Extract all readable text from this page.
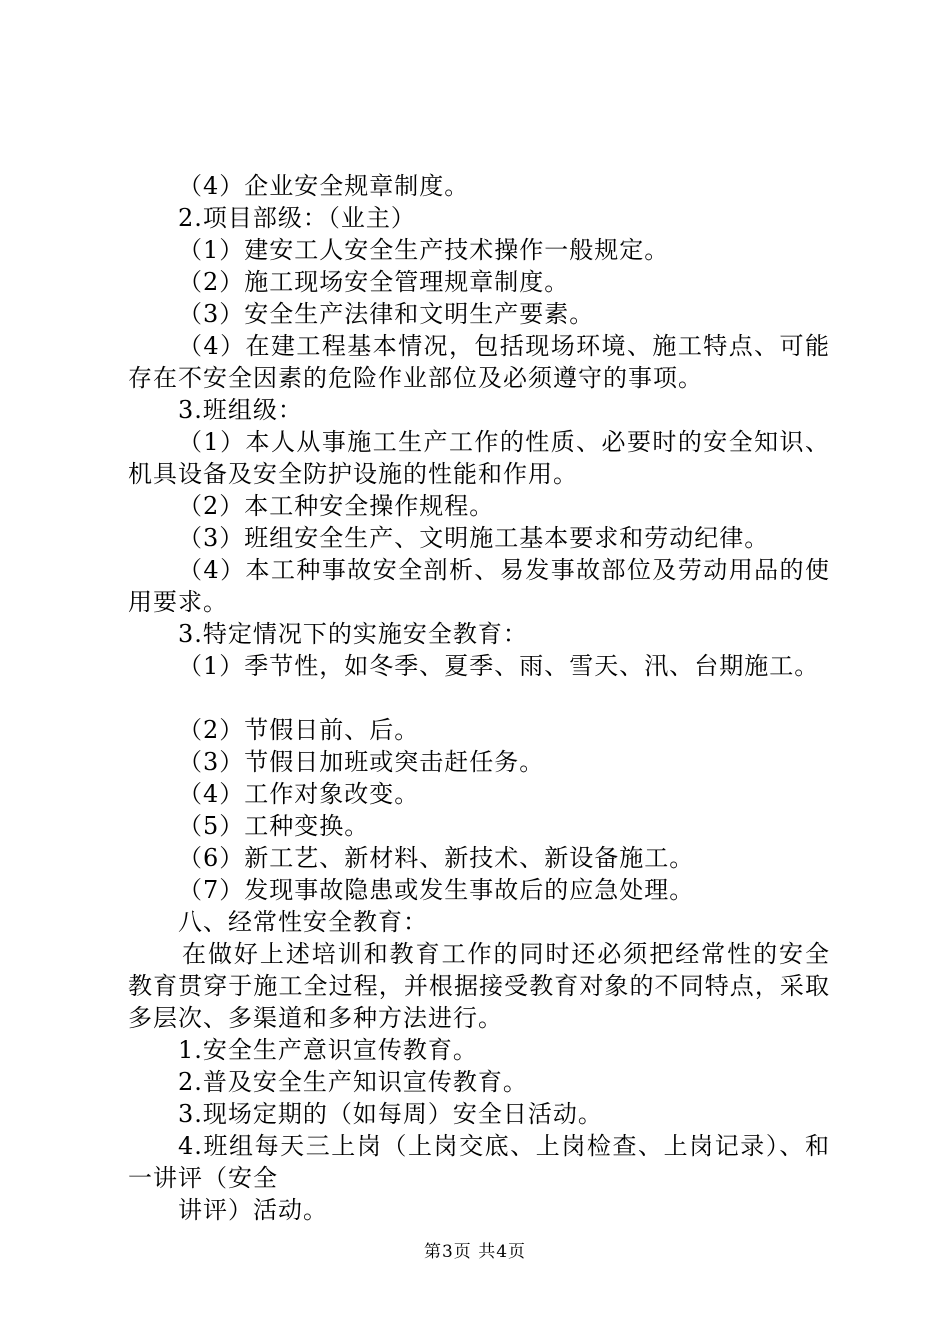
（4）企业安全规章制度。

2.项目部级：（业主）

（1）建安工人安全生产技术操作一般规定。

（2）施工现场安全管理规章制度。

（3）安全生产法律和文明生产要素。

（4）在建工程基本情况，包括现场环境、施工特点、可能存在不安全因素的危险作业部位及必须遵守的事项。

3.班组级：

（1）本人从事施工生产工作的性质、必要时的安全知识、机具设备及安全防护设施的性能和作用。

（2）本工种安全操作规程。

（3）班组安全生产、文明施工基本要求和劳动纪律。

（4）本工种事故安全剖析、易发事故部位及劳动用品的使用要求。

3.特定情况下的实施安全教育：

（1）季节性，如冬季、夏季、雨、雪天、汛、台期施工。

（2）节假日前、后。

（3）节假日加班或突击赶任务。

（4）工作对象改变。

（5）工种变换。

（6）新工艺、新材料、新技术、新设备施工。

（7）发现事故隐患或发生事故后的应急处理。

八、经常性安全教育：

在做好上述培训和教育工作的同时还必须把经常性的安全教育贯穿于施工全过程，并根据接受教育对象的不同特点，采取多层次、多渠道和多种方法进行。

1.安全生产意识宣传教育。

2.普及安全生产知识宣传教育。

3.现场定期的（如每周）安全日活动。

4.班组每天三上岗（上岗交底、上岗检查、上岗记录）、和一讲评（安全

讲评）活动。

第3页 共4页
